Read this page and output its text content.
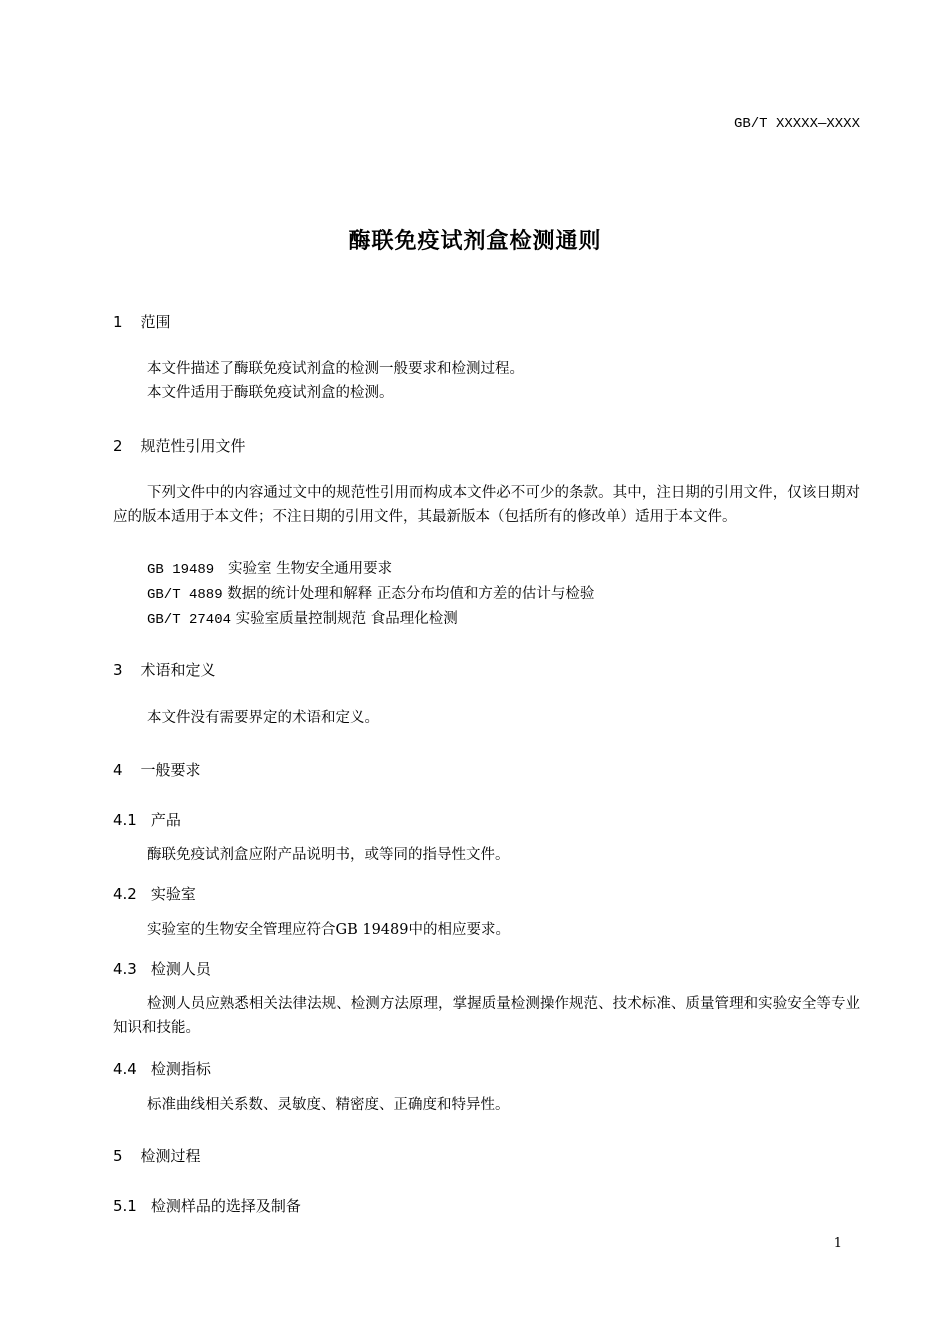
GB/T XXXXX—XXXX
酶联免疫试剂盒检测通则
1 范围
本文件描述了酶联免疫试剂盒的检测一般要求和检测过程。
本文件适用于酶联免疫试剂盒的检测。
2 规范性引用文件
下列文件中的内容通过文中的规范性引用而构成本文件必不可少的条款。其中，注日期的引用文件，仅该日期对应的版本适用于本文件；不注日期的引用文件，其最新版本（包括所有的修改单）适用于本文件。
GB 19489 实验室 生物安全通用要求
GB/T 4889 数据的统计处理和解释 正态分布均值和方差的估计与检验
GB/T 27404 实验室质量控制规范 食品理化检测
3 术语和定义
本文件没有需要界定的术语和定义。
4 一般要求
4.1 产品
酶联免疫试剂盒应附产品说明书，或等同的指导性文件。
4.2 实验室
实验室的生物安全管理应符合GB 19489中的相应要求。
4.3 检测人员
检测人员应熟悉相关法律法规、检测方法原理，掌握质量检测操作规范、技术标准、质量管理和实验安全等专业知识和技能。
4.4 检测指标
标准曲线相关系数、灵敏度、精密度、正确度和特异性。
5 检测过程
5.1 检测样品的选择及制备
1
